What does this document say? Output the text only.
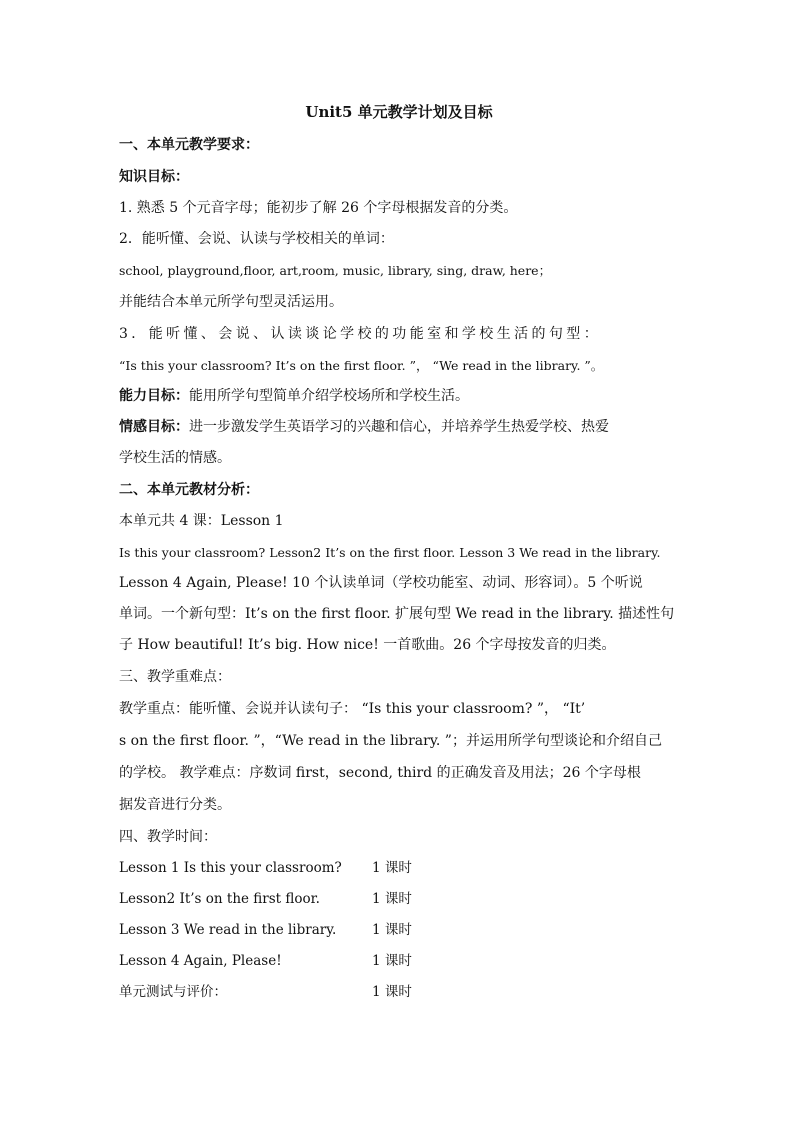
Unit5 单元教学计划及目标
一、本单元教学要求：
知识目标：
1. 熟悉 5 个元音字母；能初步了解 26 个字母根据发音的分类。
2．能听懂、会说、认读与学校相关的单词：
school, playground,floor, art,room, music, library, sing, draw, here；
并能结合本单元所学句型灵活运用。
3．能听懂、会说、认读谈论学校的功能室和学校生活的句型：
“Is this your classroom? It’s on the first floor. ”， “We read in the library. ”。
能力目标：能用所学句型简单介绍学校场所和学校生活。
情感目标：进一步激发学生英语学习的兴趣和信心，并培养学生热爱学校、热爱
学校生活的情感。
二、本单元教材分析：
本单元共 4 课：Lesson 1
Is this your classroom? Lesson2 It’s on the first floor. Lesson 3 We read in the library.
Lesson 4 Again, Please! 10 个认读单词（学校功能室、动词、形容词）。5 个听说
单词。一个新句型：It’s on the first floor. 扩展句型 We read in the library. 描述性句
子 How beautiful! It’s big. How nice! 一首歌曲。26 个字母按发音的归类。
三、教学重难点：
教学重点：能听懂、会说并认读句子： “Is this your classroom? ”， “It’
s on the first floor. ”，“We read in the library. ”；并运用所学句型谈论和介绍自己
的学校。 教学难点：序数词 first，second, third 的正确发音及用法；26 个字母根
据发音进行分类。
四、教学时间：
Lesson 1 Is this your classroom?	1 课时
Lesson2 It’s on the first floor.	1 课时
Lesson 3 We read in the library.	1 课时
Lesson 4 Again, Please!	1 课时
单元测试与评价：	1 课时
